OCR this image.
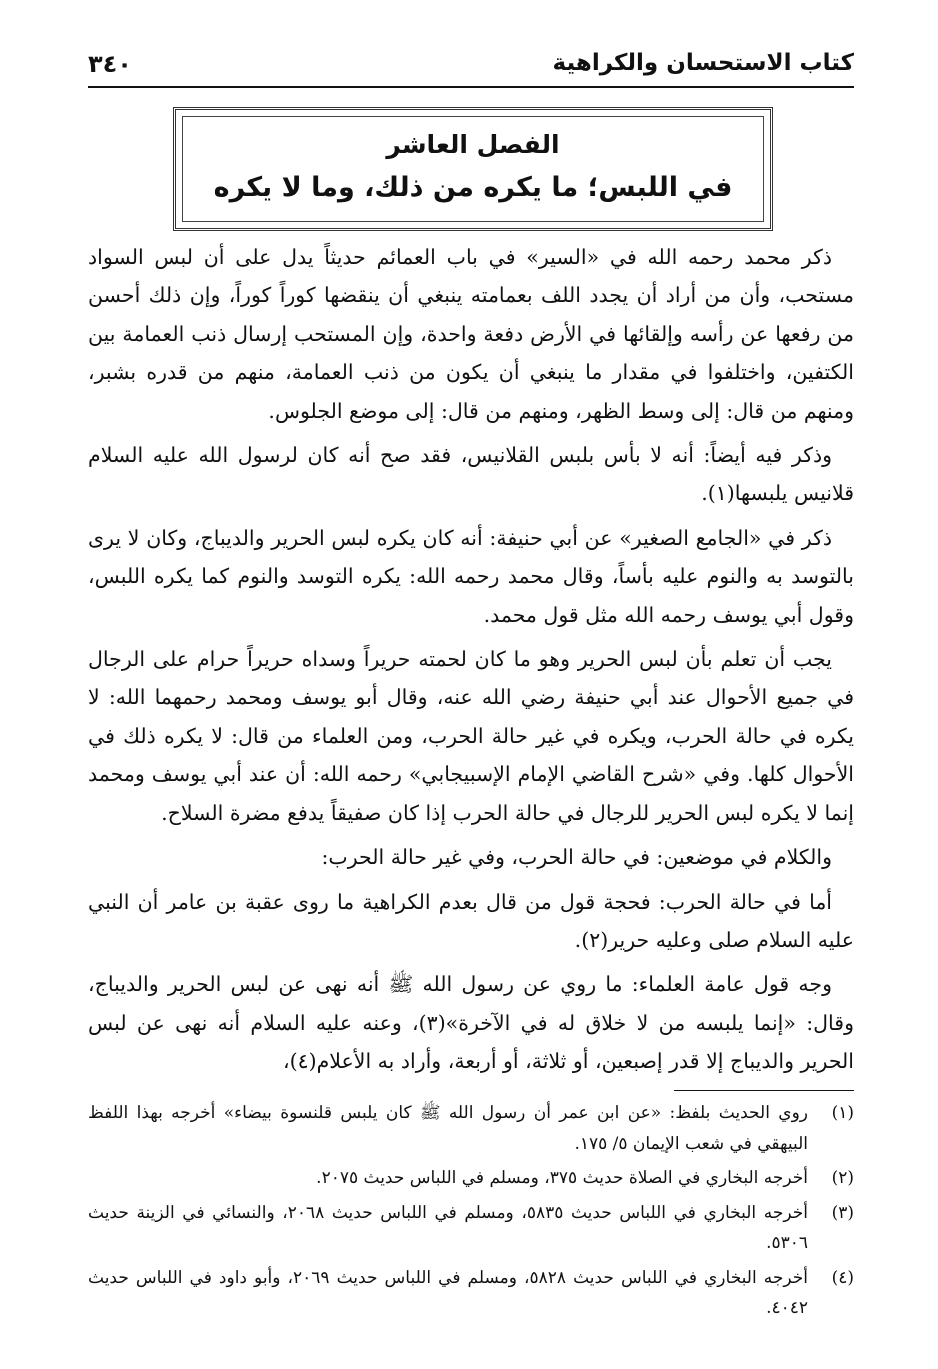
كتاب الاستحسان والكراهية
٣٤٠
الفصل العاشر
في اللبس؛ ما يكره من ذلك، وما لا يكره

ذكر محمد رحمه الله في «السير» في باب العمائم حديثاً يدل على أن لبس السواد مستحب، وأن من أراد أن يجدد اللف بعمامته ينبغي أن ينقضها كوراً كوراً، وإن ذلك أحسن من رفعها عن رأسه وإلقائها في الأرض دفعة واحدة، وإن المستحب إرسال ذنب العمامة بين الكتفين، واختلفوا في مقدار ما ينبغي أن يكون من ذنب العمامة، منهم من قدره بشبر، ومنهم من قال: إلى وسط الظهر، ومنهم من قال: إلى موضع الجلوس.

وذكر فيه أيضاً: أنه لا بأس بلبس القلانيس، فقد صح أنه كان لرسول الله عليه السلام قلانيس يلبسها(١).

ذكر في «الجامع الصغير» عن أبي حنيفة: أنه كان يكره لبس الحرير والديباج، وكان لا يرى بالتوسد به والنوم عليه بأساً، وقال محمد رحمه الله: يكره التوسد والنوم كما يكره اللبس، وقول أبي يوسف رحمه الله مثل قول محمد.

يجب أن تعلم بأن لبس الحرير وهو ما كان لحمته حريراً وسداه حريراً حرام على الرجال في جميع الأحوال عند أبي حنيفة رضي الله عنه، وقال أبو يوسف ومحمد رحمهما الله: لا يكره في حالة الحرب، ويكره في غير حالة الحرب، ومن العلماء من قال: لا يكره ذلك في الأحوال كلها. وفي «شرح القاضي الإمام الإسبيجابي» رحمه الله: أن عند أبي يوسف ومحمد إنما لا يكره لبس الحرير للرجال في حالة الحرب إذا كان صفيقاً يدفع مضرة السلاح.

والكلام في موضعين: في حالة الحرب، وفي غير حالة الحرب:

أما في حالة الحرب: فحجة قول من قال بعدم الكراهية ما روى عقبة بن عامر أن النبي عليه السلام صلى وعليه حرير(٢).

وجه قول عامة العلماء: ما روي عن رسول الله ﷺ أنه نهى عن لبس الحرير والديباج، وقال: «إنما يلبسه من لا خلاق له في الآخرة»(٣)، وعنه عليه السلام أنه نهى عن لبس الحرير والديباج إلا قدر إصبعين، أو ثلاثة، أو أربعة، وأراد به الأعلام(٤)،

(١)
روي الحديث بلفظ: «عن ابن عمر أن رسول الله ﷺ كان يلبس قلنسوة بيضاء» أخرجه بهذا اللفظ البيهقي في شعب الإيمان ٥/ ١٧٥.
(٢)
أخرجه البخاري في الصلاة حديث ٣٧٥، ومسلم في اللباس حديث ٢٠٧٥.
(٣)
أخرجه البخاري في اللباس حديث ٥٨٣٥، ومسلم في اللباس حديث ٢٠٦٨، والنسائي في الزينة حديث ٥٣٠٦.
(٤)
أخرجه البخاري في اللباس حديث ٥٨٢٨، ومسلم في اللباس حديث ٢٠٦٩، وأبو داود في اللباس حديث ٤٠٤٢.
